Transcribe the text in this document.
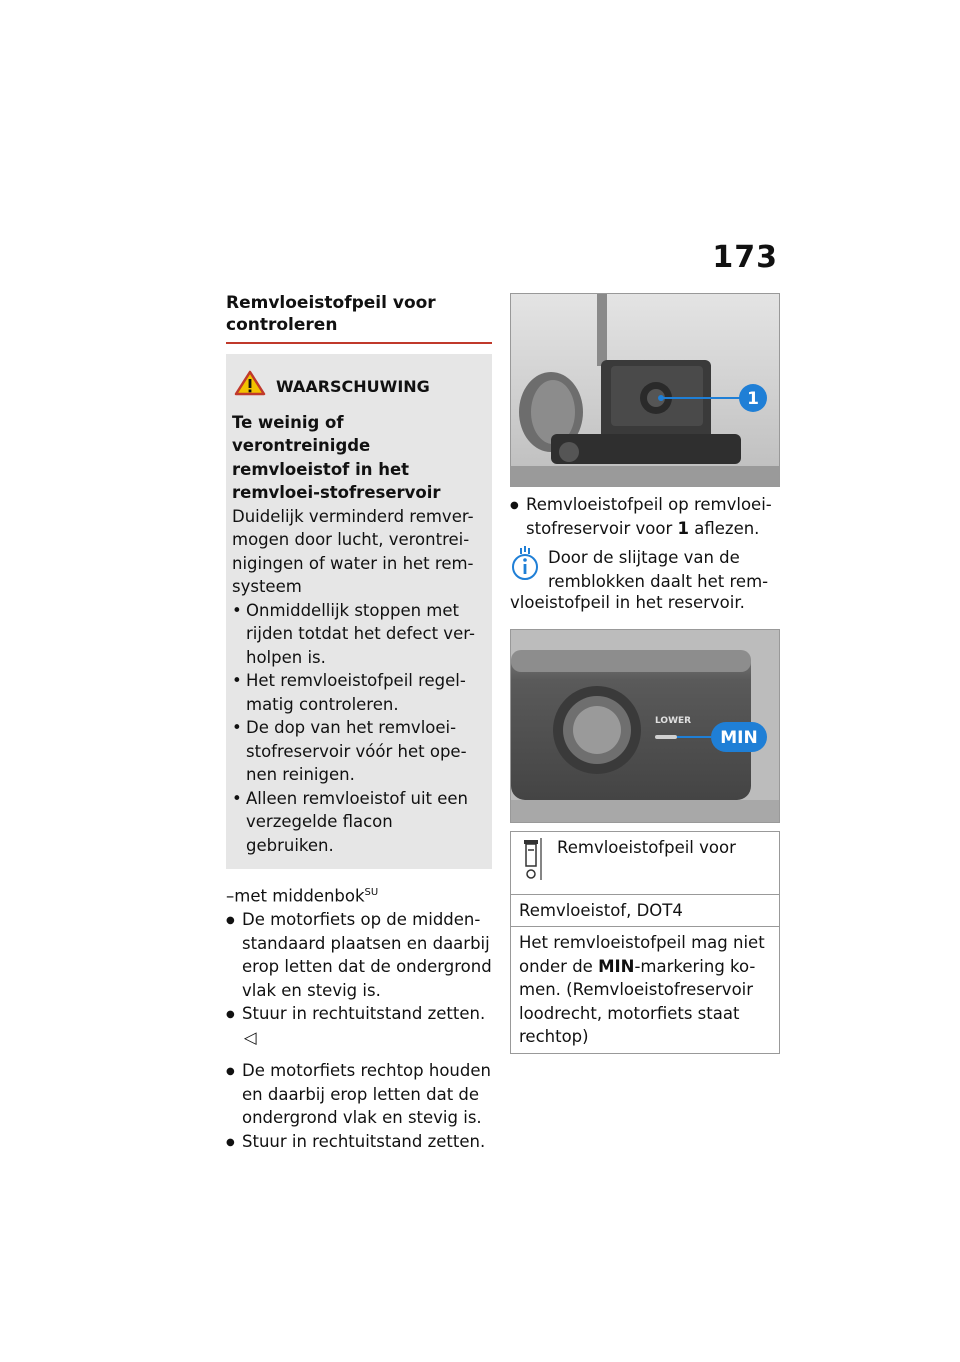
173
Remvloeistofpeil voor controleren
WAARSCHUWING
Te weinig of verontreinigde remvloeistof in het remvloei-stofreservoir
Duidelijk verminderd remver-mogen door lucht, verontrei-nigingen of water in het rem-systeem
• Onmiddellijk stoppen met rijden totdat het defect ver-holpen is.
• Het remvloeistofpeil regel-matig controleren.
• De dop van het remvloei-stofreservoir vóór het ope-nen reinigen.
• Alleen remvloeistof uit een verzegelde flacon gebruiken.
–met middenbok$^{SU}$
● De motorfiets op de midden-standaard plaatsen en daarbij erop letten dat de ondergrond vlak en stevig is.
● Stuur in rechtuitstand zetten.◁
● De motorfiets rechtop houden en daarbij erop letten dat de ondergrond vlak en stevig is.
● Stuur in rechtuitstand zetten.
1
● Remvloeistofpeil op remvloei-stofreservoir voor 1 aflezen.
Door de slijtage van de remblokken daalt het rem-
vloeistofpeil in het reservoir.
LOWER
MIN
Remvloeistofpeil voor

Remvloeistof, DOT4
Het remvloeistofpeil mag niet onder de MIN-markering ko-men. (Remvloeistofreservoir loodrecht, motorfiets staat rechtop)
